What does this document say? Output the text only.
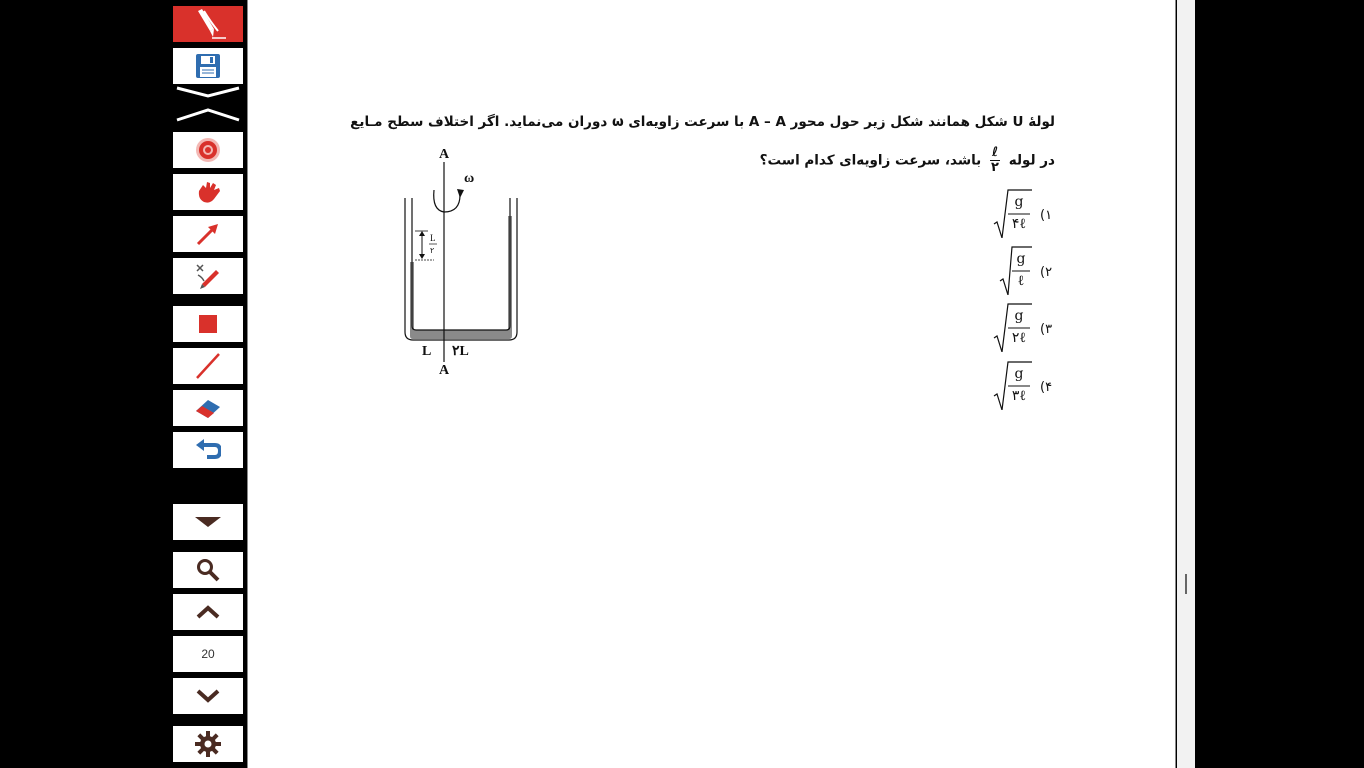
20
لولهٔ U شکل همانند شکل زیر حول محور A – A با سرعت زاویه‌ای ω دوران می‌نماید. اگر اختلاف سطح مـایع
در لوله
$\frac{\text{ℓ}}{۲}$
باشد، سرعت زاویه‌ای کدام است؟
(۱
g
۴ℓ
(۲
g
ℓ
(۳
g
۲ℓ
(۴
g
۳ℓ
L
۲
A
ω
L ۲L
A
